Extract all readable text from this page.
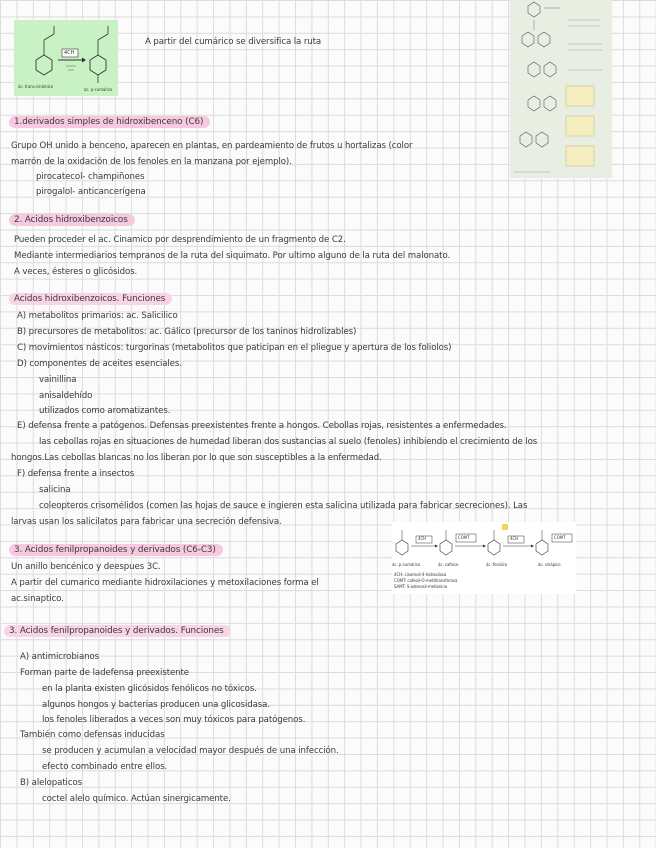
4CH
ác. trans-cinámico
ác. p-cumárico
A partir del cumárico se diversifica la ruta
1.derivados simples de hidroxibenceno (C6)
Grupo OH unido a benceno, aparecen en plantas, en pardeamiento de frutos u hortalizas (color
marrón de la oxidación de los fenoles en la manzana por ejemplo).
pirocatecol- champiñones
pirogalol- anticancerígena
2. Acidos hidroxibenzoicos
Pueden proceder el ac. Cinamico por desprendimiento de un fragmento de C2.
Mediante intermediarios tempranos de la ruta del siquimato. Por ultimo alguno de la ruta del malonato.
A veces, ésteres o glicósidos.
Acidos hidroxibenzoicos. Funciones
A) metabolitos primarios: ac. Salicilico
B) precursores de metabolitos: ac. Gálico (precursor de los taninos hidrolizables)
C) movimientos násticos: turgorinas (metabolitos que paticipan en el pliegue y apertura de los foliolos)
D) componentes de aceites esenciales.
vainillina
anisaldehído
utilizados como aromatizantes.
E) defensa frente a patógenos. Defensas preexistentes frente a hongos. Cebollas rojas, resistentes a enfermedades.
las cebollas rojas en situaciones de humedad liberan dos sustancias al suelo (fenoles) inhibiendo el crecimiento de los
hongos.Las cebollas blancas no los liberan por lo que son susceptibles a la enfermedad.
F) defensa frente a insectos
salicina
coleopteros crisomélidos (comen las hojas de sauce e ingieren esta salicina utilizada para fabricar secreciones). Las
larvas usan los salicilatos para fabricar una secreción defensiva.
3. Acidos fenilpropanoides y derivados (C6-C3)
Un anillo bencénico y deespues 3C.
A partir del cumarico mediante hidroxilaciones y metoxilaciones forma el
ac.sinaptico.
4CH	COMT	4CH	COMT
ác. p-cumárico	ác. cafeico	ác. ferúlico	ác. sinápico
4CH: cinamoil-4-hidroxilasa
COMT: cafeoil-O-metiltransferasa
SAMT: S-adenosil-metionina
3. Acidos fenilpropanoides y derivados. Funciones
A) antimicrobianos
Forman parte de ladefensa preexistente
en la planta existen glicósidos fenólicos no tóxicos.
algunos hongos y bacterias producen una glicosidasa.
los fenoles liberados a veces son muy tóxicos para patógenos.
También como defensas inducidas
se producen y acumulan a velocidad mayor después de una infección.
efecto combinado entre ellos.
B) alelopaticos
coctel alelo químico. Actúan sinergicamente.
